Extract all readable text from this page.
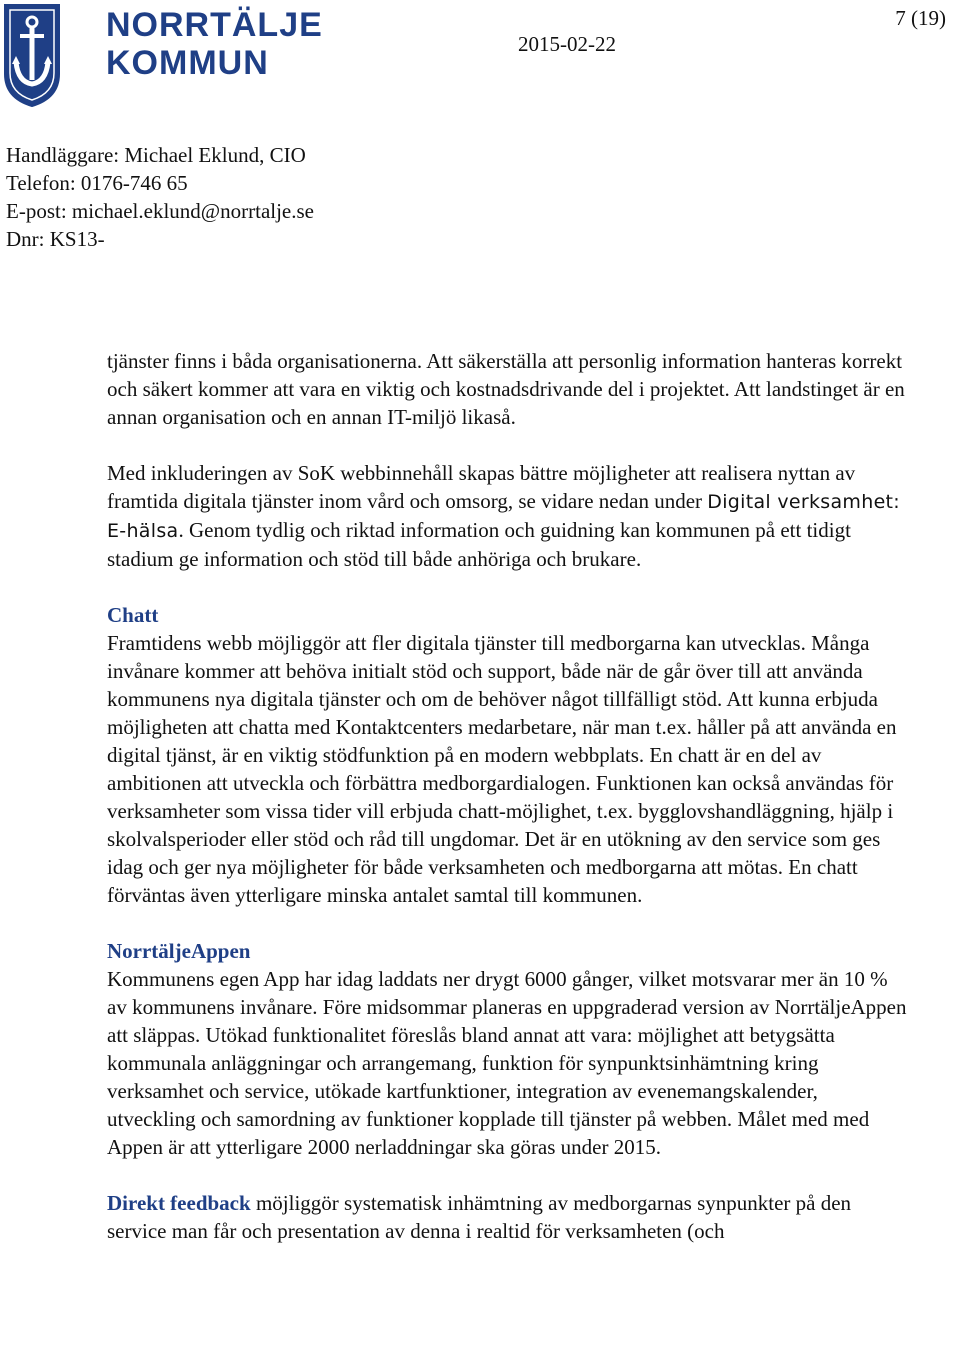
NORRTÄLJE
KOMMUN	2015-02-22
7 (19)
Handläggare: Michael Eklund, CIO
Telefon: 0176-746 65
E-post: michael.eklund@norrtalje.se
Dnr: KS13-

tjänster finns i båda organisationerna. Att säkerställa att personlig information hanteras korrekt och säkert kommer att vara en viktig och kostnadsdrivande del i projektet. Att landstinget är en annan organisation och en annan IT-miljö likaså.

Med inkluderingen av SoK webbinnehåll skapas bättre möjligheter att realisera nyttan av framtida digitala tjänster inom vård och omsorg, se vidare nedan under Digital verksamhet: E-hälsa. Genom tydlig och riktad information och guidning kan kommunen på ett tidigt stadium ge information och stöd till både anhöriga och brukare.

Chatt

Framtidens webb möjliggör att fler digitala tjänster till medborgarna kan utvecklas. Många invånare kommer att behöva initialt stöd och support, både när de går över till att använda kommunens nya digitala tjänster och om de behöver något tillfälligt stöd. Att kunna erbjuda möjligheten att chatta med Kontaktcenters medarbetare, när man t.ex. håller på att använda en digital tjänst, är en viktig stödfunktion på en modern webbplats. En chatt är en del av ambitionen att utveckla och förbättra medborgardialogen. Funktionen kan också användas för verksamheter som vissa tider vill erbjuda chatt-möjlighet, t.ex. bygglovshandläggning, hjälp i skolvalsperioder eller stöd och råd till ungdomar. Det är en utökning av den service som ges idag och ger nya möjligheter för både verksamheten och medborgarna att mötas. En chatt förväntas även ytterligare minska antalet samtal till kommunen.

NorrtäljeAppen

Kommunens egen App har idag laddats ner drygt 6000 gånger, vilket motsvarar mer än 10 % av kommunens invånare. Före midsommar planeras en uppgraderad version av NorrtäljeAppen att släppas. Utökad funktionalitet föreslås bland annat att vara: möjlighet att betygsätta kommunala anläggningar och arrangemang, funktion för synpunktsinhämtning kring verksamhet och service, utökade kartfunktioner, integration av evenemangskalender, utveckling och samordning av funktioner kopplade till tjänster på webben. Målet med med Appen är att ytterligare 2000 nerladdningar ska göras under 2015.

Direkt feedback möjliggör systematisk inhämtning av medborgarnas synpunkter på den service man får och presentation av denna i realtid för verksamheten (och
